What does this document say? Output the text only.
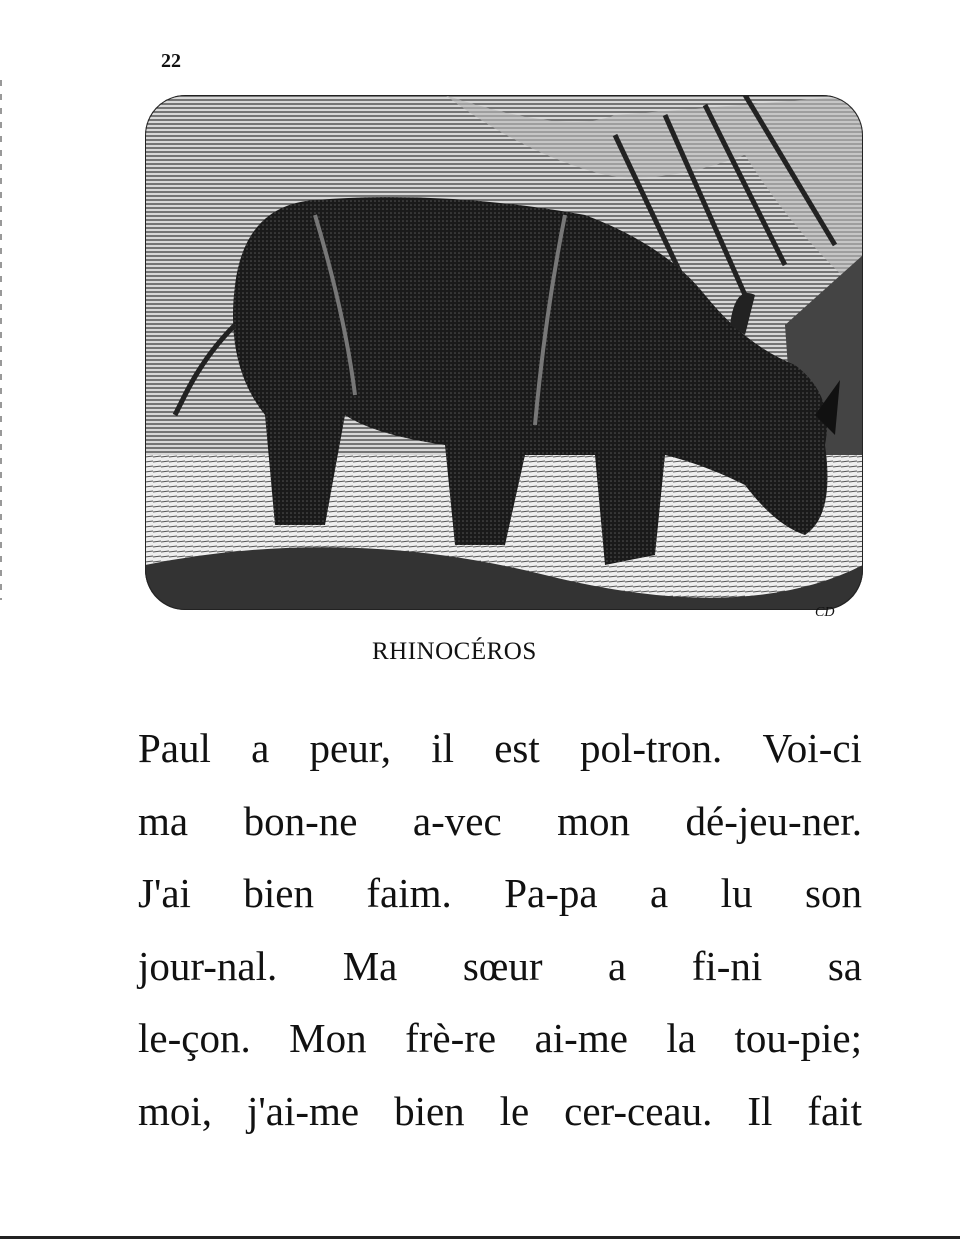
22
CD
RHINOCÉROS
Paul a peur, il est pol-tron. Voi-ci
ma bon-ne a-vec mon dé-jeu-ner.
J'ai bien faim. Pa-pa a lu son
jour-nal. Ma sœur a fi-ni sa
le-çon. Mon frè-re ai-me la tou-pie;
moi, j'ai-me bien le cer-ceau. Il fait
